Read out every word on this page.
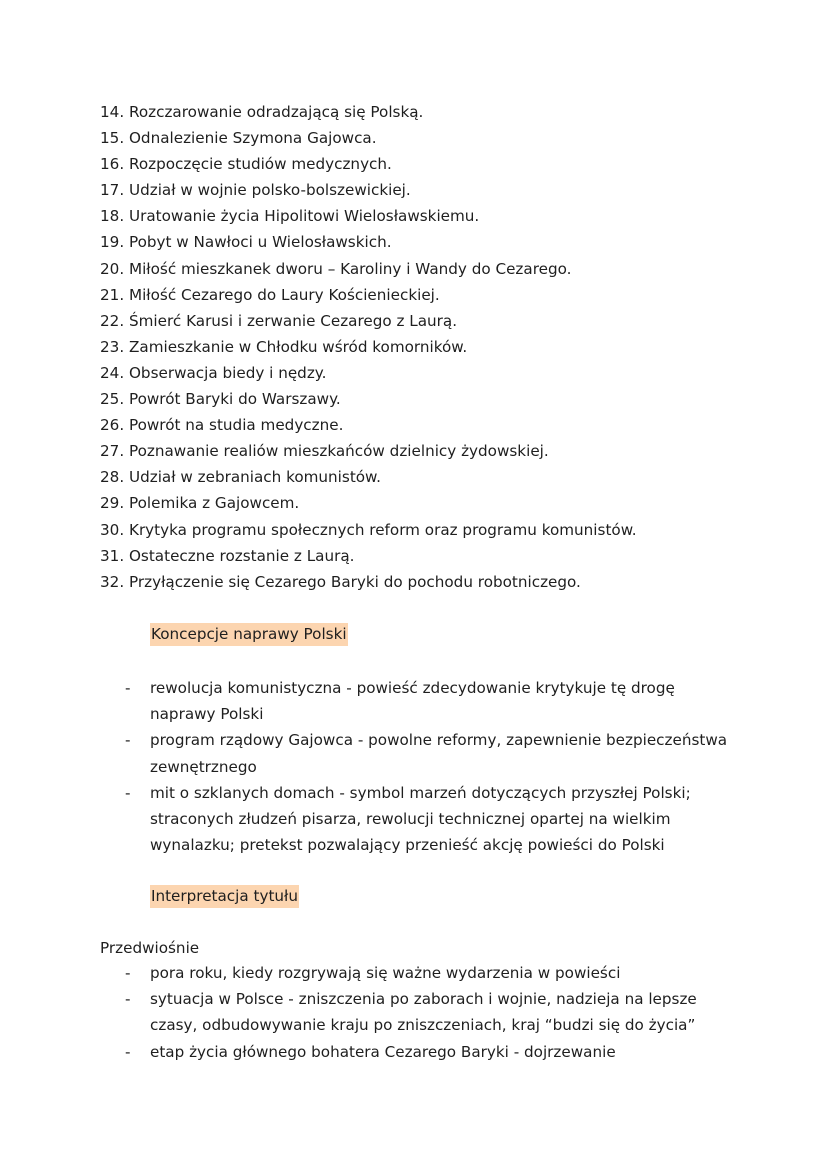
14. Rozczarowanie odradzającą się Polską.
15. Odnalezienie Szymona Gajowca.
16. Rozpoczęcie studiów medycznych.
17. Udział w wojnie polsko-bolszewickiej.
18. Uratowanie życia Hipolitowi Wielosławskiemu.
19. Pobyt w Nawłoci u Wielosławskich.
20. Miłość mieszkanek dworu – Karoliny i Wandy do Cezarego.
21. Miłość Cezarego do Laury Kościenieckiej.
22. Śmierć Karusi i zerwanie Cezarego z Laurą.
23. Zamieszkanie w Chłodku wśród komorników.
24. Obserwacja biedy i nędzy.
25. Powrót Baryki do Warszawy.
26. Powrót na studia medyczne.
27. Poznawanie realiów mieszkańców dzielnicy żydowskiej.
28. Udział w zebraniach komunistów.
29. Polemika z Gajowcem.
30. Krytyka programu społecznych reform oraz programu komunistów.
31. Ostateczne rozstanie z Laurą.
32. Przyłączenie się Cezarego Baryki do pochodu robotniczego.
Koncepcje naprawy Polski
- rewolucja komunistyczna - powieść zdecydowanie krytykuje tę drogę naprawy Polski
- program rządowy Gajowca - powolne reformy, zapewnienie bezpieczeństwa zewnętrznego
- mit o szklanych domach - symbol marzeń dotyczących przyszłej Polski; straconych złudzeń pisarza, rewolucji technicznej opartej na wielkim wynalazku; pretekst pozwalający przenieść akcję powieści do Polski
Interpretacja tytułu

Przedwiośnie

- pora roku, kiedy rozgrywają się ważne wydarzenia w powieści
- sytuacja w Polsce - zniszczenia po zaborach i wojnie, nadzieja na lepsze czasy, odbudowywanie kraju po zniszczeniach, kraj “budzi się do życia”
- etap życia głównego bohatera Cezarego Baryki - dojrzewanie
